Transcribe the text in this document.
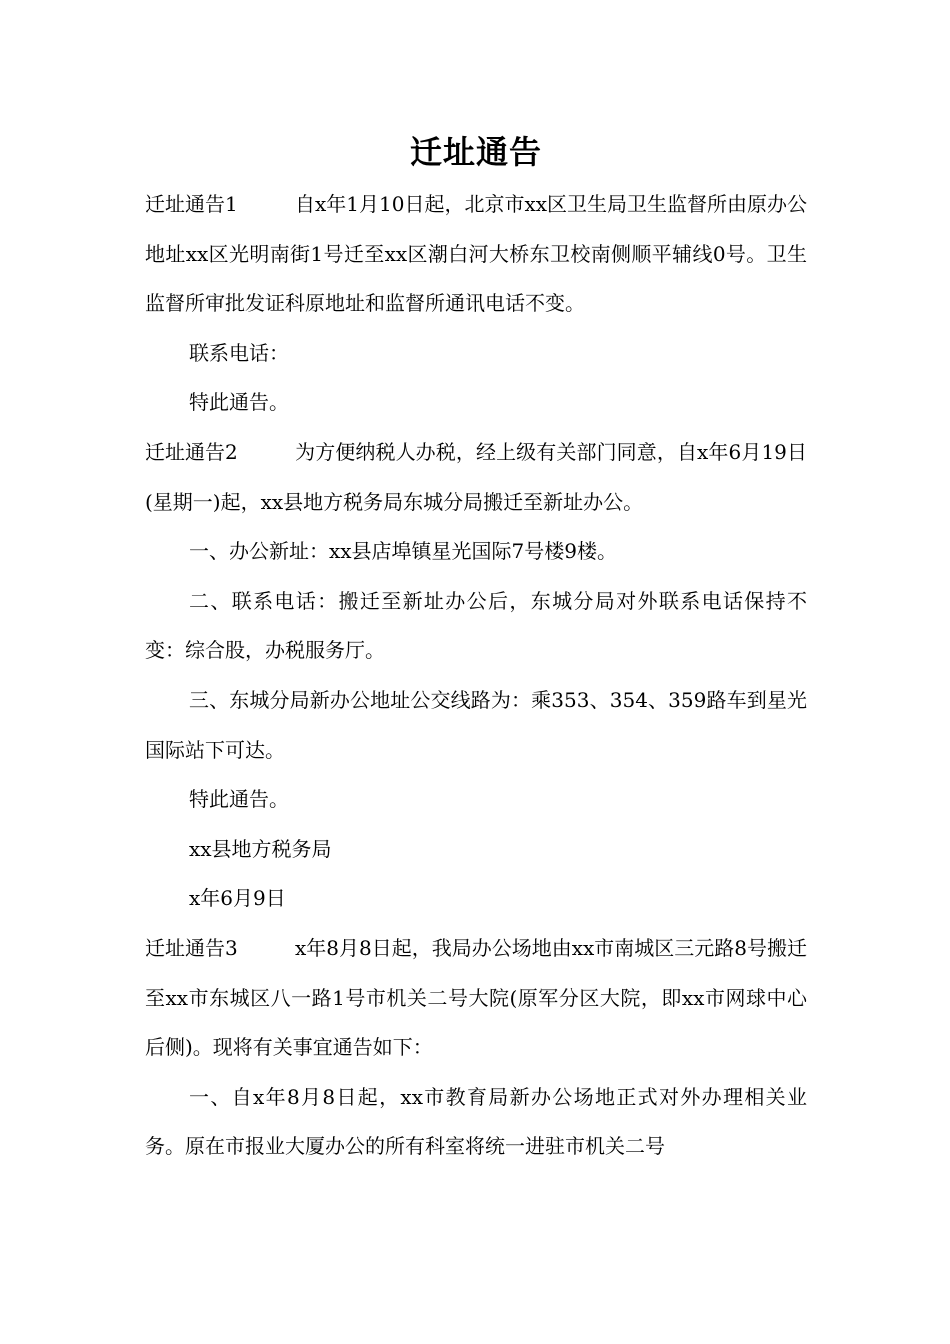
迁址通告

迁址通告1	自x年1月10日起，北京市xx区卫生局卫生监督所由原办公地址xx区光明南街1号迁至xx区潮白河大桥东卫校南侧顺平辅线0号。卫生监督所审批发证科原地址和监督所通讯电话不变。

联系电话：

特此通告。

迁址通告2	为方便纳税人办税，经上级有关部门同意，自x年6月19日(星期一)起，xx县地方税务局东城分局搬迁至新址办公。

一、办公新址：xx县店埠镇星光国际7号楼9楼。

二、联系电话：搬迁至新址办公后，东城分局对外联系电话保持不变：综合股，办税服务厅。

三、东城分局新办公地址公交线路为：乘353、354、359路车到星光国际站下可达。

特此通告。

xx县地方税务局

x年6月9日

迁址通告3	x年8月8日起，我局办公场地由xx市南城区三元路8号搬迁至xx市东城区八一路1号市机关二号大院(原军分区大院，即xx市网球中心后侧)。现将有关事宜通告如下：

一、自x年8月8日起，xx市教育局新办公场地正式对外办理相关业务。原在市报业大厦办公的所有科室将统一进驻市机关二号
